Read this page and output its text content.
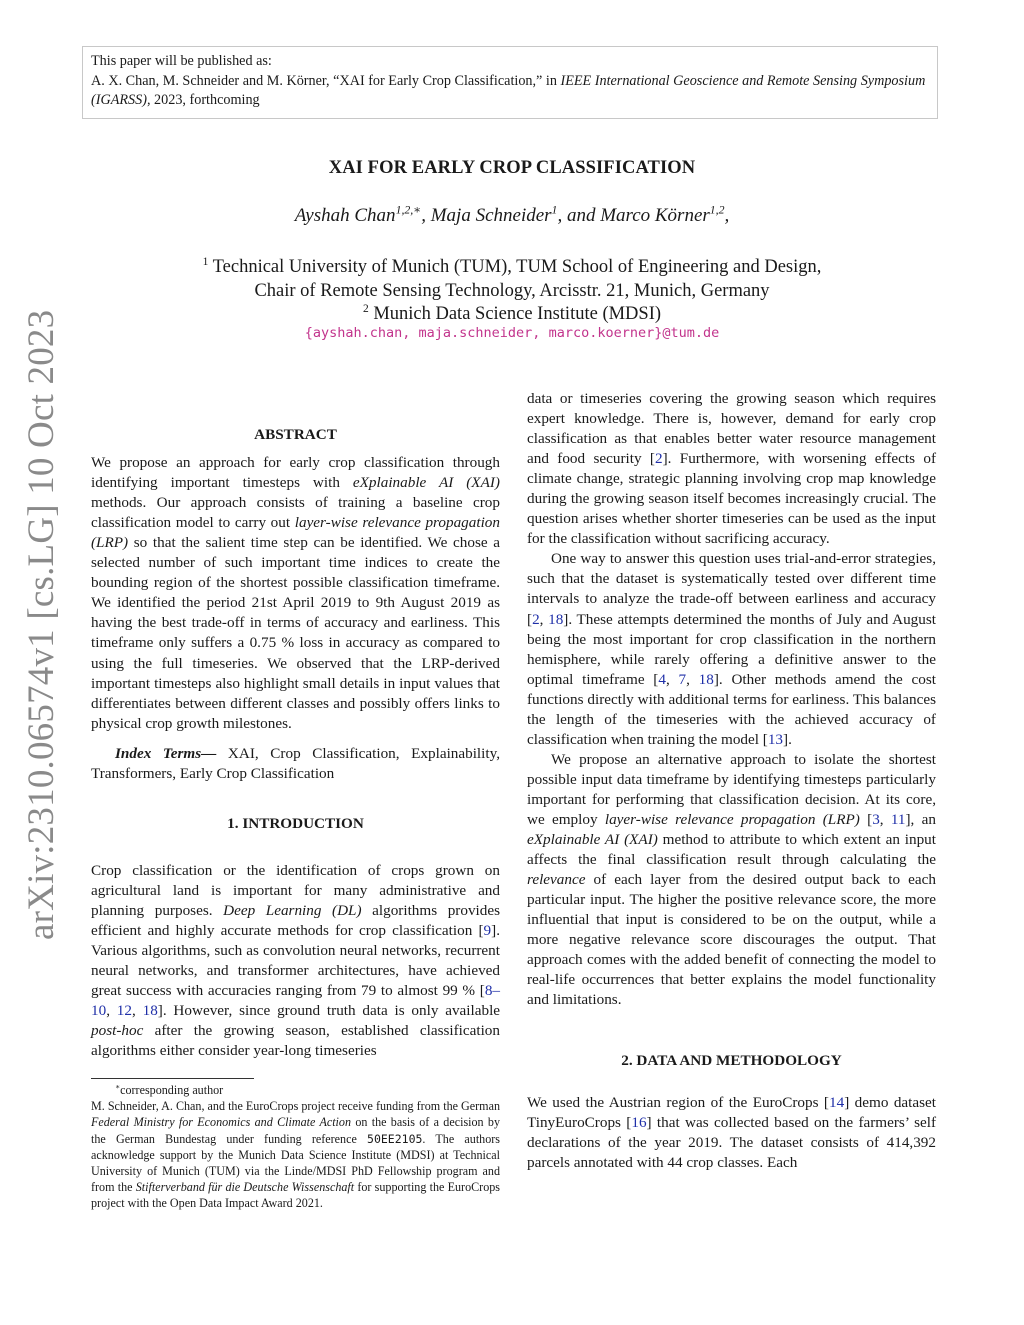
This paper will be published as:
A. X. Chan, M. Schneider and M. Körner, “XAI for Early Crop Classification,” in IEEE International Geoscience and Remote Sensing Symposium (IGARSS), 2023, forthcoming
XAI FOR EARLY CROP CLASSIFICATION
Ayshah Chan$^{1,2,∗}$, Maja Schneider$^1$, and Marco Körner$^{1,2}$,
$^1$ Technical University of Munich (TUM), TUM School of Engineering and Design,
Chair of Remote Sensing Technology, Arcisstr. 21, Munich, Germany
$^2$ Munich Data Science Institute (MDSI)
{ayshah.chan, maja.schneider, marco.koerner}@tum.de
arXiv:2310.06574v1 [cs.LG] 10 Oct 2023	ABSTRACT

We propose an approach for early crop classification through identifying important timesteps with eXplainable AI (XAI) methods. Our approach consists of training a baseline crop classification model to carry out layer-wise relevance propagation (LRP) so that the salient time step can be identified. We chose a selected number of such important time indices to create the bounding region of the shortest possible classification timeframe. We identified the period 21st April 2019 to 9th August 2019 as having the best trade-off in terms of accuracy and earliness. This timeframe only suffers a 0.75 % loss in accuracy as compared to using the full timeseries. We observed that the LRP-derived important timesteps also highlight small details in input values that differentiates between different classes and possibly offers links to physical crop growth milestones.

Index Terms— XAI, Crop Classification, Explainability, Transformers, Early Crop Classification

1. INTRODUCTION

Crop classification or the identification of crops grown on agricultural land is important for many administrative and planning purposes. Deep Learning (DL) algorithms provides efficient and highly accurate methods for crop classification [9]. Various algorithms, such as convolution neural networks, recurrent neural networks, and transformer architectures, have achieved great success with accuracies ranging from 79 to almost 99 % [8–10, 12, 18]. However, since ground truth data is only available post-hoc after the growing season, established classification algorithms either consider year-long timeseries

∗corresponding author
M. Schneider, A. Chan, and the EuroCrops project receive funding from the German Federal Ministry for Economics and Climate Action on the basis of a decision by the German Bundestag under funding reference 50EE2105. The authors acknowledge support by the Munich Data Science Institute (MDSI) at Technical University of Munich (TUM) via the Linde/MDSI PhD Fellowship program and from the Stifterverband für die Deutsche Wissenschaft for supporting the EuroCrops project with the Open Data Impact Award 2021.

data or timeseries covering the growing season which requires expert knowledge. There is, however, demand for early crop classification as that enables better water resource management and food security [2]. Furthermore, with worsening effects of climate change, strategic planning involving crop map knowledge during the growing season itself becomes increasingly crucial. The question arises whether shorter timeseries can be used as the input for the classification without sacrificing accuracy.

One way to answer this question uses trial-and-error strategies, such that the dataset is systematically tested over different time intervals to analyze the trade-off between earliness and accuracy [2, 18]. These attempts determined the months of July and August being the most important for crop classification in the northern hemisphere, while rarely offering a definitive answer to the optimal timeframe [4, 7, 18]. Other methods amend the cost functions directly with additional terms for earliness. This balances the length of the timeseries with the achieved accuracy of classification when training the model [13].

We propose an alternative approach to isolate the shortest possible input data timeframe by identifying timesteps particularly important for performing that classification decision. At its core, we employ layer-wise relevance propagation (LRP) [3, 11], an eXplainable AI (XAI) method to attribute to which extent an input affects the final classification result through calculating the relevance of each layer from the desired output back to each particular input. The higher the positive relevance score, the more influential that input is considered to be on the output, while a more negative relevance score discourages the output. That approach comes with the added benefit of connecting the model to real-life occurrences that better explains the model functionality and limitations.

2. DATA AND METHODOLOGY

We used the Austrian region of the EuroCrops [14] demo dataset TinyEuroCrops [16] that was collected based on the farmers’ self declarations of the year 2019. The dataset consists of 414,392 parcels annotated with 44 crop classes. Each
